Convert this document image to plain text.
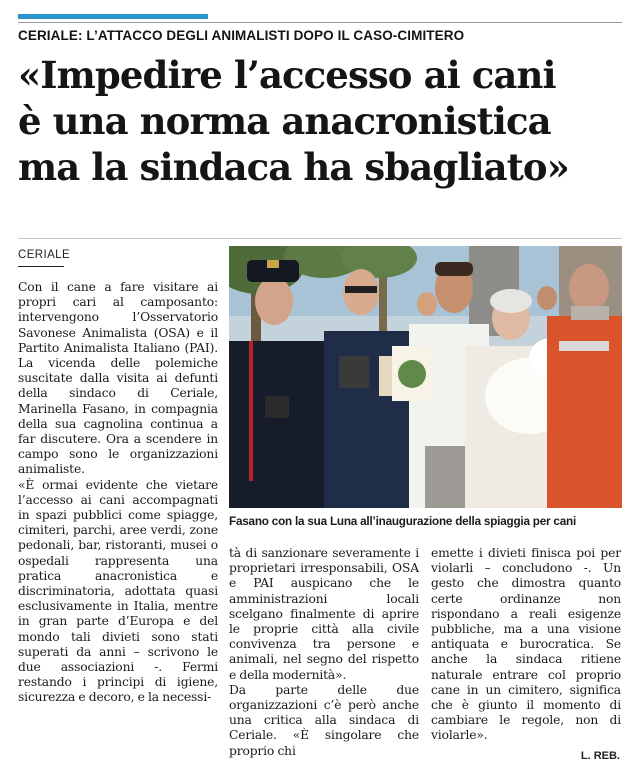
CERIALE: L’ATTACCO DEGLI ANIMALISTI DOPO IL CASO-CIMITERO
«Impedire l’accesso ai cani
è una norma anacronistica
ma la sindaca ha sbagliato»
CERIALE

Con il cane a fare visitare ai propri cari al camposanto: intervengono l’Osservatorio Savonese Animalista (OSA) e il Partito Animalista Italiano (PAI). La vicenda delle polemiche suscitate dalla visita ai defunti della sindaco di Ceriale, Marinella Fasano, in compagnia della sua cagnolina continua a far discutere. Ora a scendere in campo sono le organizzazioni animaliste.

«È ormai evidente che vietare l’accesso ai cani accompagnati in spazi pubblici come spiagge, cimiteri, parchi, aree verdi, zone pedonali, bar, ristoranti, musei o ospedali rappresenta una pratica anacronistica e discriminatoria, adottata quasi esclusivamente in Italia, mentre in gran parte d’Europa e del mondo tali divieti sono stati superati da anni – scrivono le due associazioni -. Fermi restando i principi di igiene, sicurezza e decoro, e la necessi-

Fasano con la sua Luna all’inaugurazione della spiaggia per cani

tà di sanzionare severamente i proprietari irresponsabili, OSA e PAI auspicano che le amministrazioni locali scelgano finalmente di aprire le proprie città alla civile convivenza tra persone e animali, nel segno del rispetto e della modernità».

Da parte delle due organizzazioni c’è però anche una critica alla sindaca di Ceriale. «È singolare che proprio chi

emette i divieti finisca poi per violarli – concludono -. Un gesto che dimostra quanto certe ordinanze non rispondano a reali esigenze pubbliche, ma a una visione antiquata e burocratica. Se anche la sindaca ritiene naturale entrare col proprio cane in un cimitero, significa che è giunto il momento di cambiare le regole, non di violarle».

L. REB.
